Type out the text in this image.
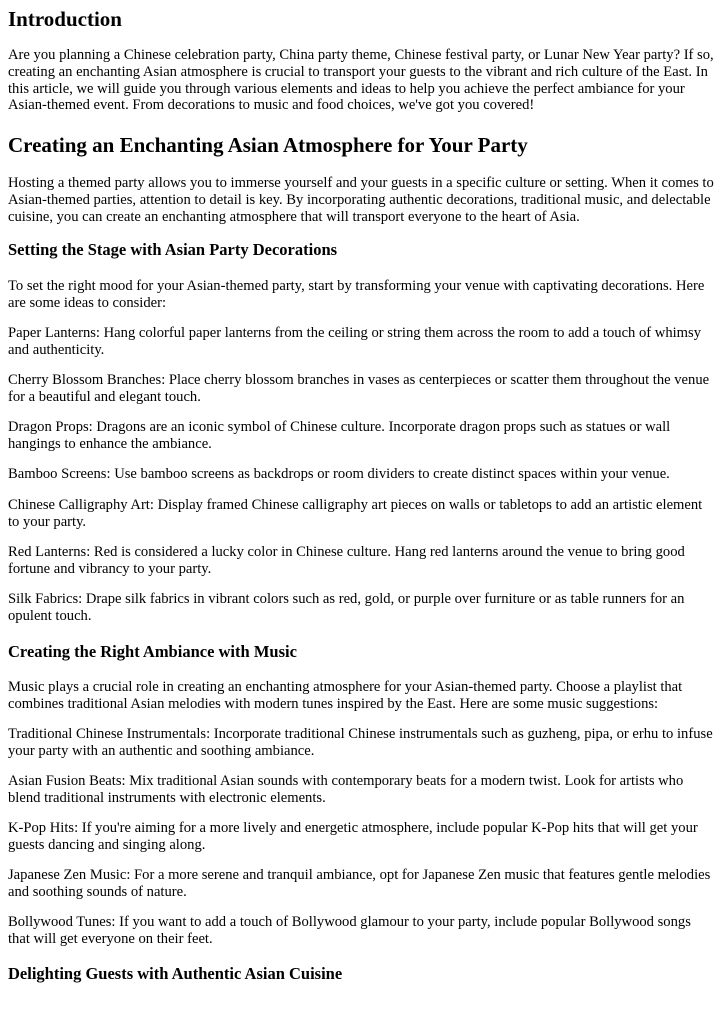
Introduction

Are you planning a Chinese celebration party, China party theme, Chinese festival party, or Lunar New Year party? If so, creating an enchanting Asian atmosphere is crucial to transport your guests to the vibrant and rich culture of the East. In this article, we will guide you through various elements and ideas to help you achieve the perfect ambiance for your Asian-themed event. From decorations to music and food choices, we've got you covered!

Creating an Enchanting Asian Atmosphere for Your Party

Hosting a themed party allows you to immerse yourself and your guests in a specific culture or setting. When it comes to Asian-themed parties, attention to detail is key. By incorporating authentic decorations, traditional music, and delectable cuisine, you can create an enchanting atmosphere that will transport everyone to the heart of Asia.

Setting the Stage with Asian Party Decorations

To set the right mood for your Asian-themed party, start by transforming your venue with captivating decorations. Here are some ideas to consider:

Paper Lanterns: Hang colorful paper lanterns from the ceiling or string them across the room to add a touch of whimsy and authenticity.

Cherry Blossom Branches: Place cherry blossom branches in vases as centerpieces or scatter them throughout the venue for a beautiful and elegant touch.

Dragon Props: Dragons are an iconic symbol of Chinese culture. Incorporate dragon props such as statues or wall hangings to enhance the ambiance.

Bamboo Screens: Use bamboo screens as backdrops or room dividers to create distinct spaces within your venue.

Chinese Calligraphy Art: Display framed Chinese calligraphy art pieces on walls or tabletops to add an artistic element to your party.

Red Lanterns: Red is considered a lucky color in Chinese culture. Hang red lanterns around the venue to bring good fortune and vibrancy to your party.

Silk Fabrics: Drape silk fabrics in vibrant colors such as red, gold, or purple over furniture or as table runners for an opulent touch.

Creating the Right Ambiance with Music

Music plays a crucial role in creating an enchanting atmosphere for your Asian-themed party. Choose a playlist that combines traditional Asian melodies with modern tunes inspired by the East. Here are some music suggestions:

Traditional Chinese Instrumentals: Incorporate traditional Chinese instrumentals such as guzheng, pipa, or erhu to infuse your party with an authentic and soothing ambiance.

Asian Fusion Beats: Mix traditional Asian sounds with contemporary beats for a modern twist. Look for artists who blend traditional instruments with electronic elements.

K-Pop Hits: If you're aiming for a more lively and energetic atmosphere, include popular K-Pop hits that will get your guests dancing and singing along.

Japanese Zen Music: For a more serene and tranquil ambiance, opt for Japanese Zen music that features gentle melodies and soothing sounds of nature.

Bollywood Tunes: If you want to add a touch of Bollywood glamour to your party, include popular Bollywood songs that will get everyone on their feet.

Delighting Guests with Authentic Asian Cuisine
